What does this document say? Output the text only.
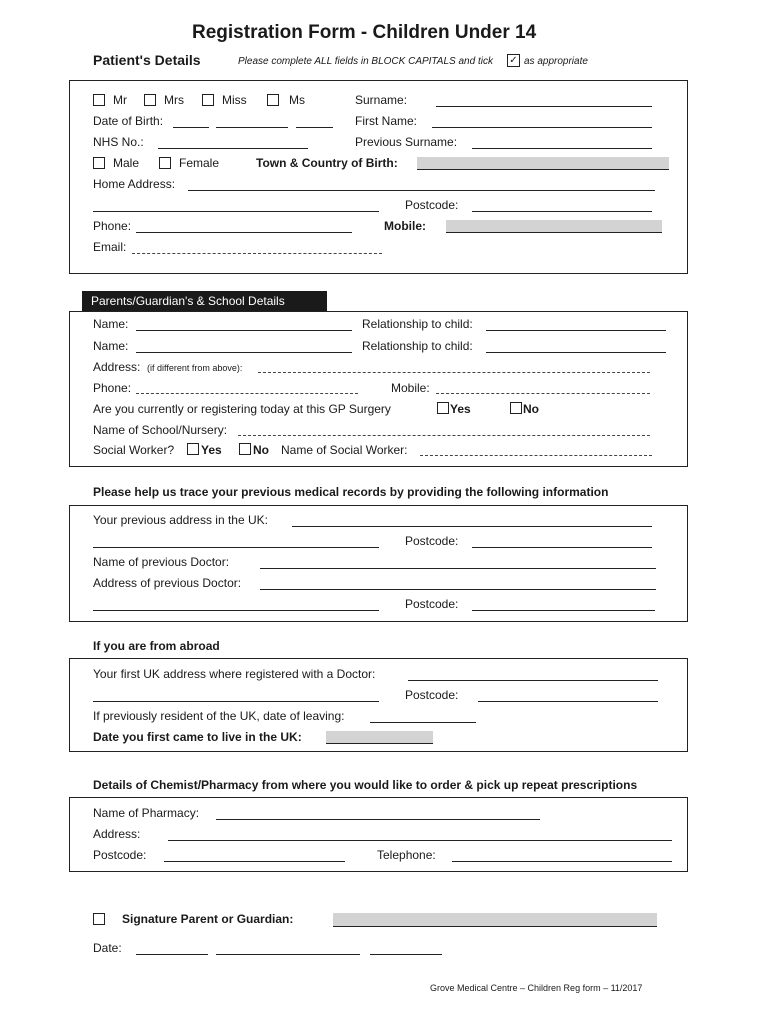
Registration Form - Children Under 14
Patient's Details	Please complete ALL fields in BLOCK CAPITALS and tick ✓ as appropriate
Mr	Mrs	Miss	Ms	Surname:
Date of Birth:	First Name:
NHS No.:	Previous Surname:
Male	Female	Town & Country of Birth:
Home Address:
Postcode:
Phone:	Mobile:
Email:
Parents/Guardian's & School Details
Name:	Relationship to child:
Name:	Relationship to child:
Address: (if different from above):
Phone:	Mobile:
Are you currently or registering today at this GP Surgery	Yes	No
Name of School/Nursery:
Social Worker? Yes	No Name of Social Worker:
Please help us trace your previous medical records by providing the following information
Your previous address in the UK:
Postcode:
Name of previous Doctor:
Address of previous Doctor:
Postcode:
If you are from abroad
Your first UK address where registered with a Doctor:
Postcode:
If previously resident of the UK, date of leaving:
Date you first came to live in the UK:
Details of Chemist/Pharmacy from where you would like to order & pick up repeat prescriptions
Name of Pharmacy:
Address:
Postcode:	Telephone:
Signature Parent or Guardian:
Date:
Grove Medical Centre – Children Reg form – 11/2017
